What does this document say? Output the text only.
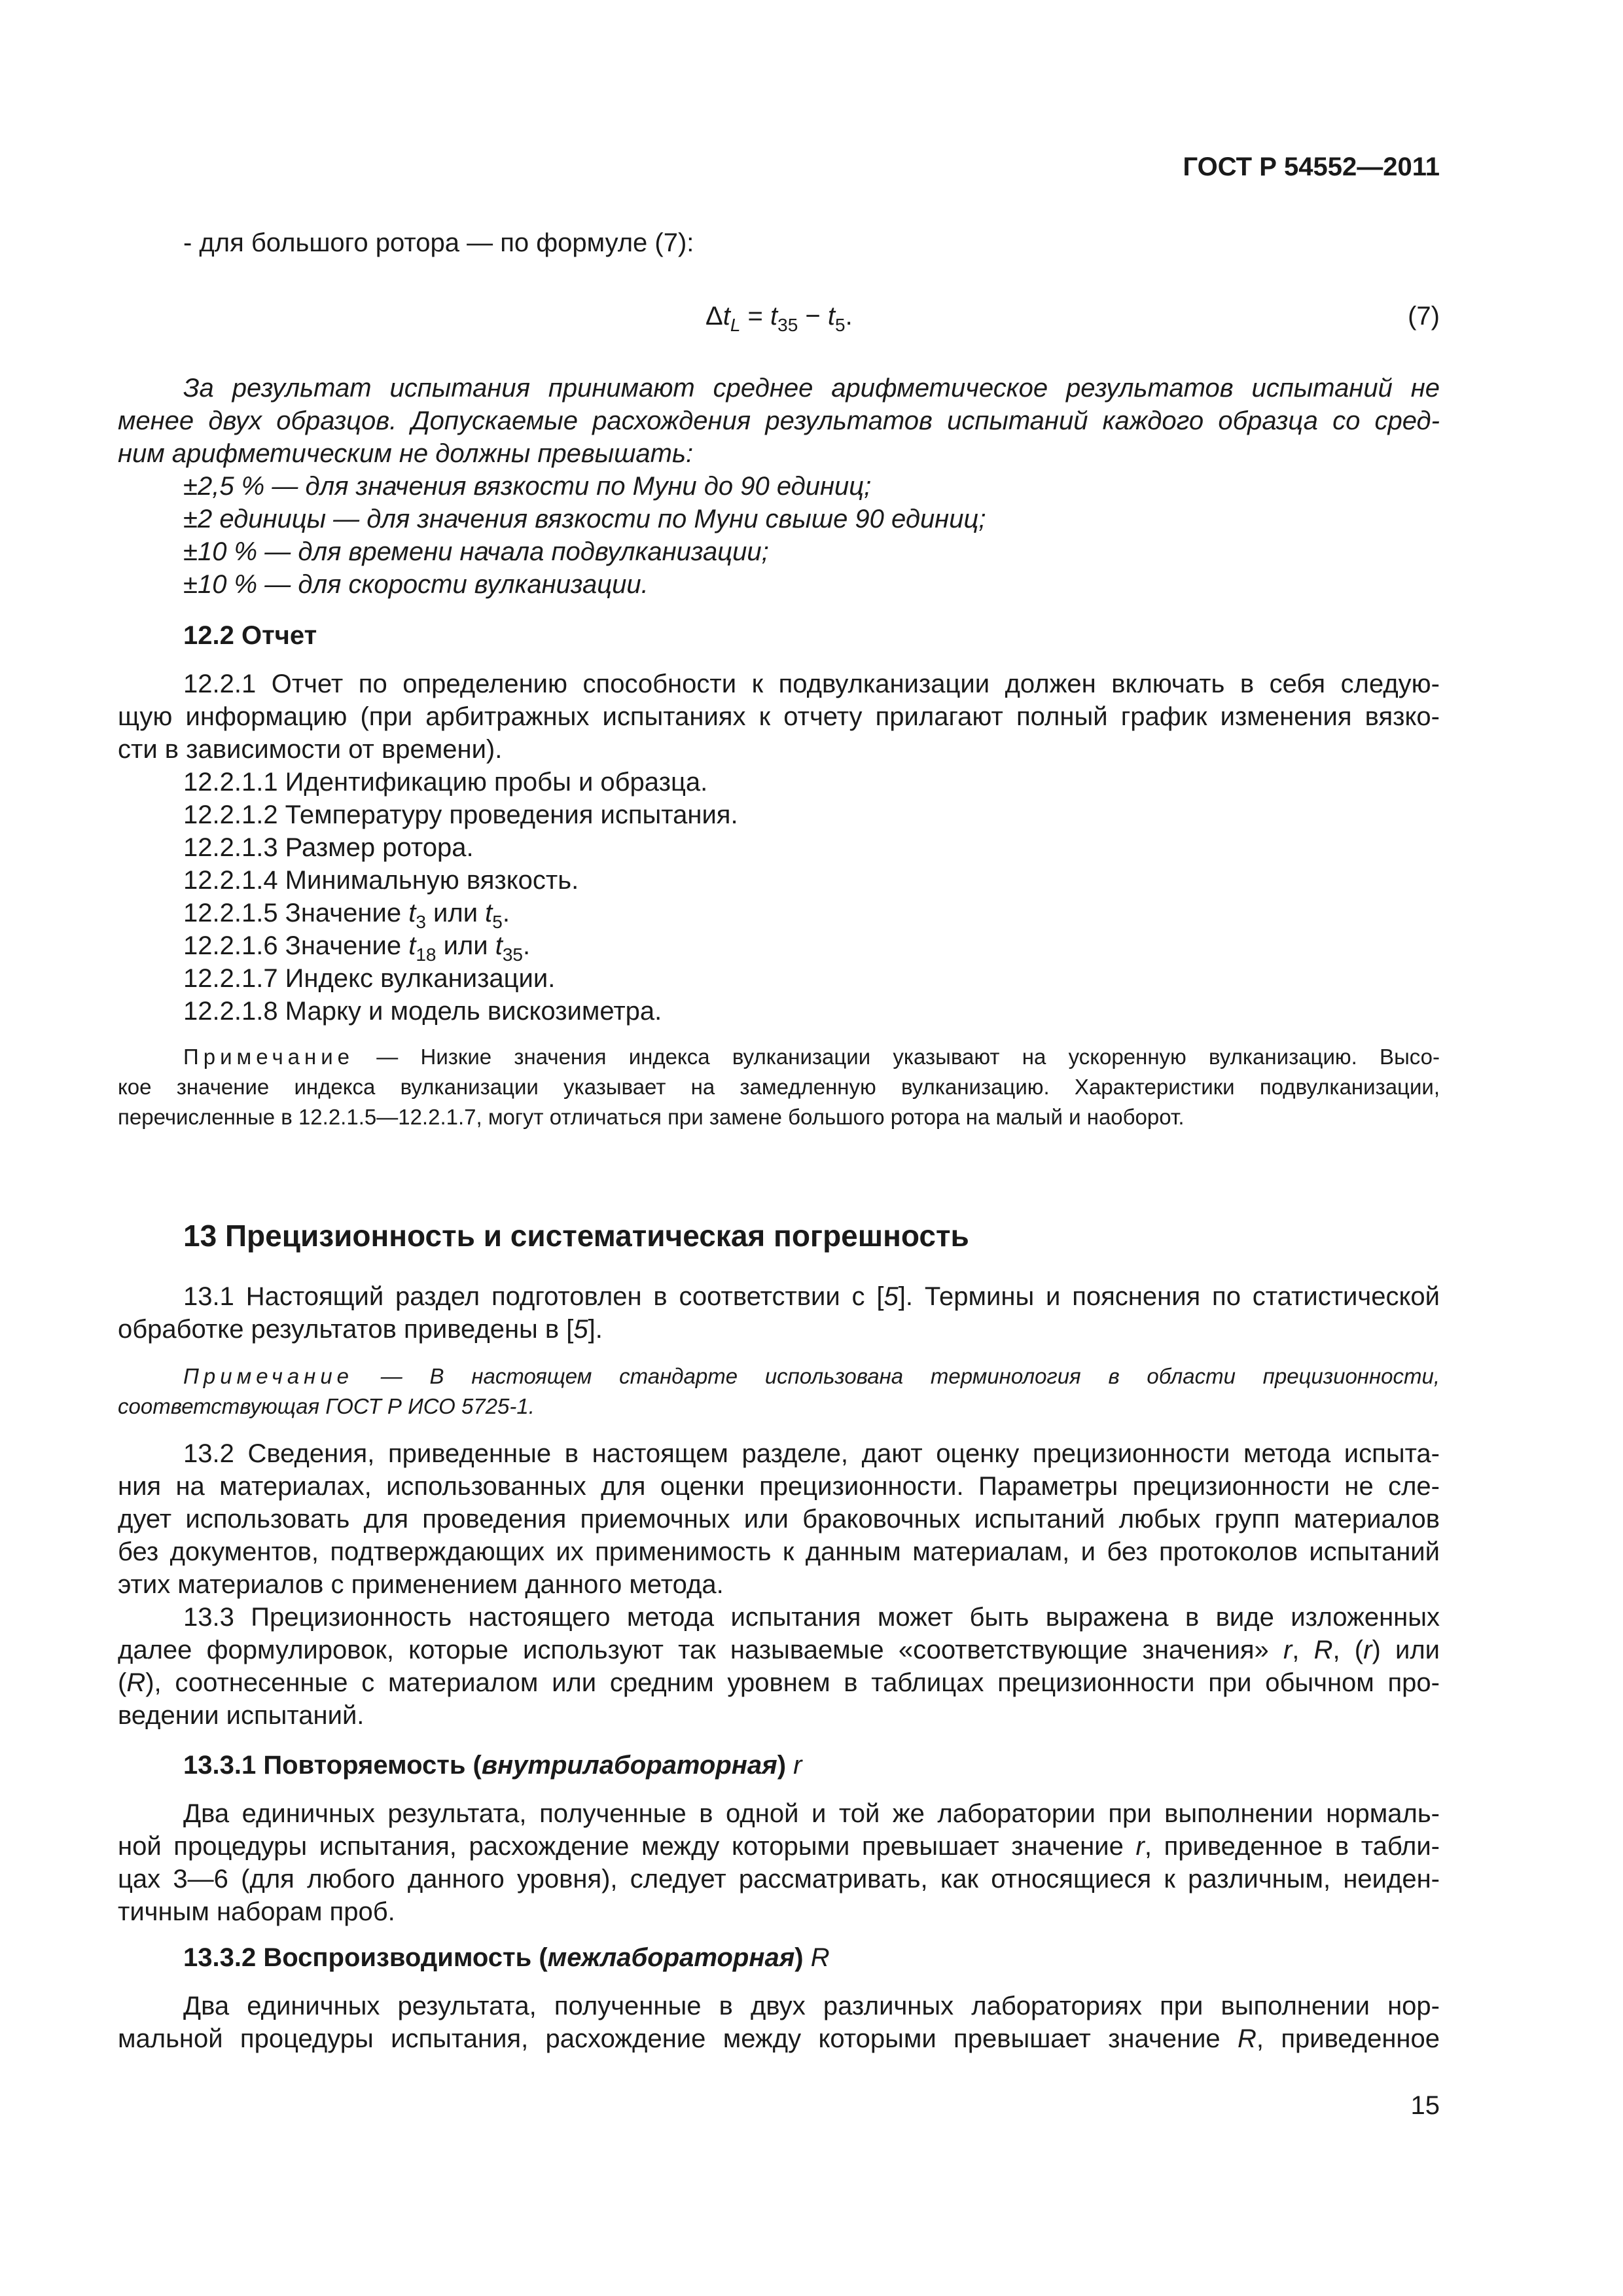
ГОСТ Р 54552—2011
- для большого ротора — по формуле (7):
$\Delta t_L = t_{35} - t_5$.	(7)
За результат испытания принимают среднее арифметическое результатов испытаний не
менее двух образцов. Допускаемые расхождения результатов испытаний каждого образца со сред-
ним арифметическим не должны превышать:
±2,5 % — для значения вязкости по Муни до 90 единиц;
±2 единицы — для значения вязкости по Муни свыше 90 единиц;
±10 % — для времени начала подвулканизации;
±10 % — для скорости вулканизации.
12.2 Отчет
12.2.1 Отчет по определению способности к подвулканизации должен включать в себя следую-
щую информацию (при арбитражных испытаниях к отчету прилагают полный график изменения вязко-
сти в зависимости от времени).
12.2.1.1 Идентификацию пробы и образца.
12.2.1.2 Температуру проведения испытания.
12.2.1.3 Размер ротора.
12.2.1.4 Минимальную вязкость.
12.2.1.5 Значение $t_3$ или $t_5$.
12.2.1.6 Значение $t_{18}$ или $t_{35}$.
12.2.1.7 Индекс вулканизации.
12.2.1.8 Марку и модель вискозиметра.
Примечание — Низкие значения индекса вулканизации указывают на ускоренную вулканизацию. Высо-
кое значение индекса вулканизации указывает на замедленную вулканизацию. Характеристики подвулканизации,
перечисленные в 12.2.1.5—12.2.1.7, могут отличаться при замене большого ротора на малый и наоборот.
13 Прецизионность и систематическая погрешность
13.1 Настоящий раздел подготовлен в соответствии с [5]. Термины и пояснения по статистической
обработке результатов приведены в [5].
Примечание — В настоящем стандарте использована терминология в области прецизионности,
соответствующая ГОСТ Р ИСО 5725-1.
13.2 Сведения, приведенные в настоящем разделе, дают оценку прецизионности метода испыта-
ния на материалах, использованных для оценки прецизионности. Параметры прецизионности не сле-
дует использовать для проведения приемочных или браковочных испытаний любых групп материалов
без документов, подтверждающих их применимость к данным материалам, и без протоколов испытаний
этих материалов с применением данного метода.
13.3 Прецизионность настоящего метода испытания может быть выражена в виде изложенных
далее формулировок, которые используют так называемые «соответствующие значения» r, R, (r) или
(R), соотнесенные с материалом или средним уровнем в таблицах прецизионности при обычном про-
ведении испытаний.
13.3.1 Повторяемость (внутрилабораторная) r
Два единичных результата, полученные в одной и той же лаборатории при выполнении нормаль-
ной процедуры испытания, расхождение между которыми превышает значение r, приведенное в табли-
цах 3—6 (для любого данного уровня), следует рассматривать, как относящиеся к различным, неиден-
тичным наборам проб.
13.3.2 Воспроизводимость (межлабораторная) R
Два единичных результата, полученные в двух различных лабораториях при выполнении нор-
мальной процедуры испытания, расхождение между которыми превышает значение R, приведенное
15
